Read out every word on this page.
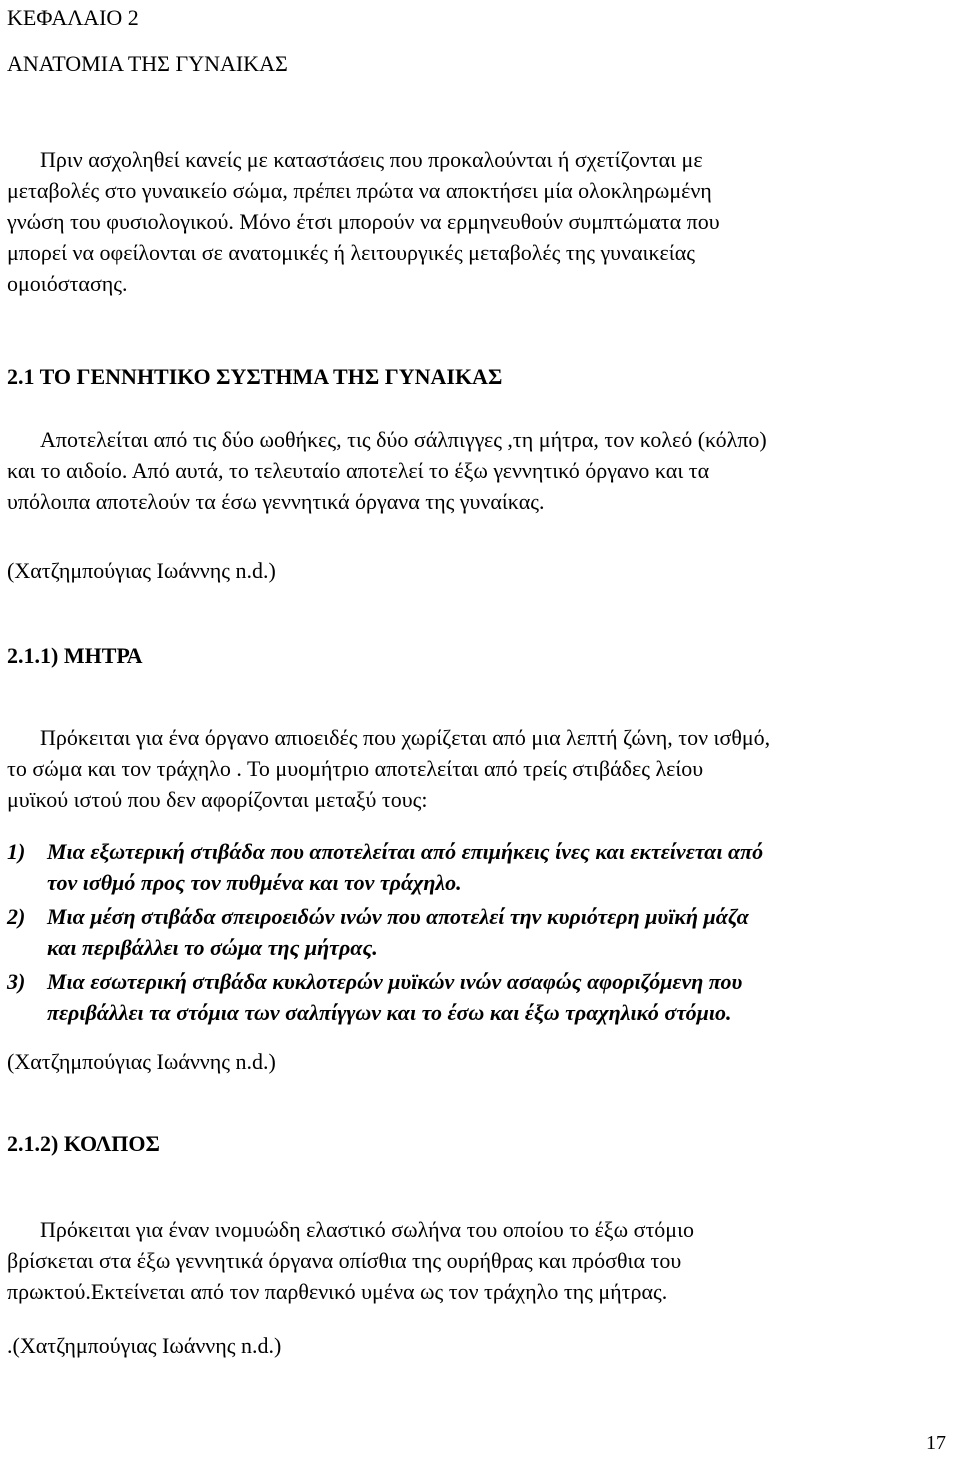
ΚΕΦΑΛΑΙΟ 2
ΑΝΑΤΟΜΙΑ ΤΗΣ ΓΥΝΑΙΚΑΣ

Πριν ασχοληθεί κανείς με καταστάσεις που προκαλούνται ή σχετίζονται με
μεταβολές στο γυναικείο σώμα, πρέπει πρώτα να αποκτήσει μία ολοκληρωμένη
γνώση του φυσιολογικού. Μόνο έτσι μπορούν να ερμηνευθούν συμπτώματα που
μπορεί να οφείλονται σε ανατομικές ή λειτουργικές μεταβολές της γυναικείας
ομοιόστασης.

2.1 ΤΟ ΓΕΝΝΗΤΙΚΟ ΣΥΣΤΗΜΑ ΤΗΣ ΓΥΝΑΙΚΑΣ

Αποτελείται από τις δύο ωοθήκες, τις δύο σάλπιγγες ,τη μήτρα, τον κολεό (κόλπο)
και το αιδοίο. Από αυτά, το τελευταίο αποτελεί το έξω γεννητικό όργανο και τα
υπόλοιπα αποτελούν τα έσω γεννητικά όργανα της γυναίκας.

(Χατζημπούγιας Ιωάννης n.d.)
2.1.1) ΜΗΤΡΑ

Πρόκειται για ένα όργανο απιοειδές που χωρίζεται από μια λεπτή ζώνη, τον ισθμό,
το σώμα και τον τράχηλο . Το μυομήτριο αποτελείται από τρείς στιβάδες λείου
μυϊκού ιστού που δεν αφορίζονται μεταξύ τους:

1) Μια εξωτερική στιβάδα που αποτελείται από επιμήκεις ίνες και εκτείνεται από
τον ισθμό προς τον πυθμένα και τον τράχηλο.
2) Μια μέση στιβάδα σπειροειδών ινών που αποτελεί την κυριότερη μυϊκή μάζα
και περιβάλλει το σώμα της μήτρας.
3) Μια εσωτερική στιβάδα κυκλοτερών μυϊκών ινών ασαφώς αφοριζόμενη που
περιβάλλει τα στόμια των σαλπίγγων και το έσω και έξω τραχηλικό στόμιο.
(Χατζημπούγιας Ιωάννης n.d.)
2.1.2) ΚΟΛΠΟΣ

Πρόκειται για έναν ινομυώδη ελαστικό σωλήνα του οποίου το έξω στόμιο
βρίσκεται στα έξω γεννητικά όργανα οπίσθια της ουρήθρας και πρόσθια του
πρωκτού.Εκτείνεται από τον παρθενικό υμένα ως τον τράχηλο της μήτρας.

.(Χατζημπούγιας Ιωάννης n.d.)
17
